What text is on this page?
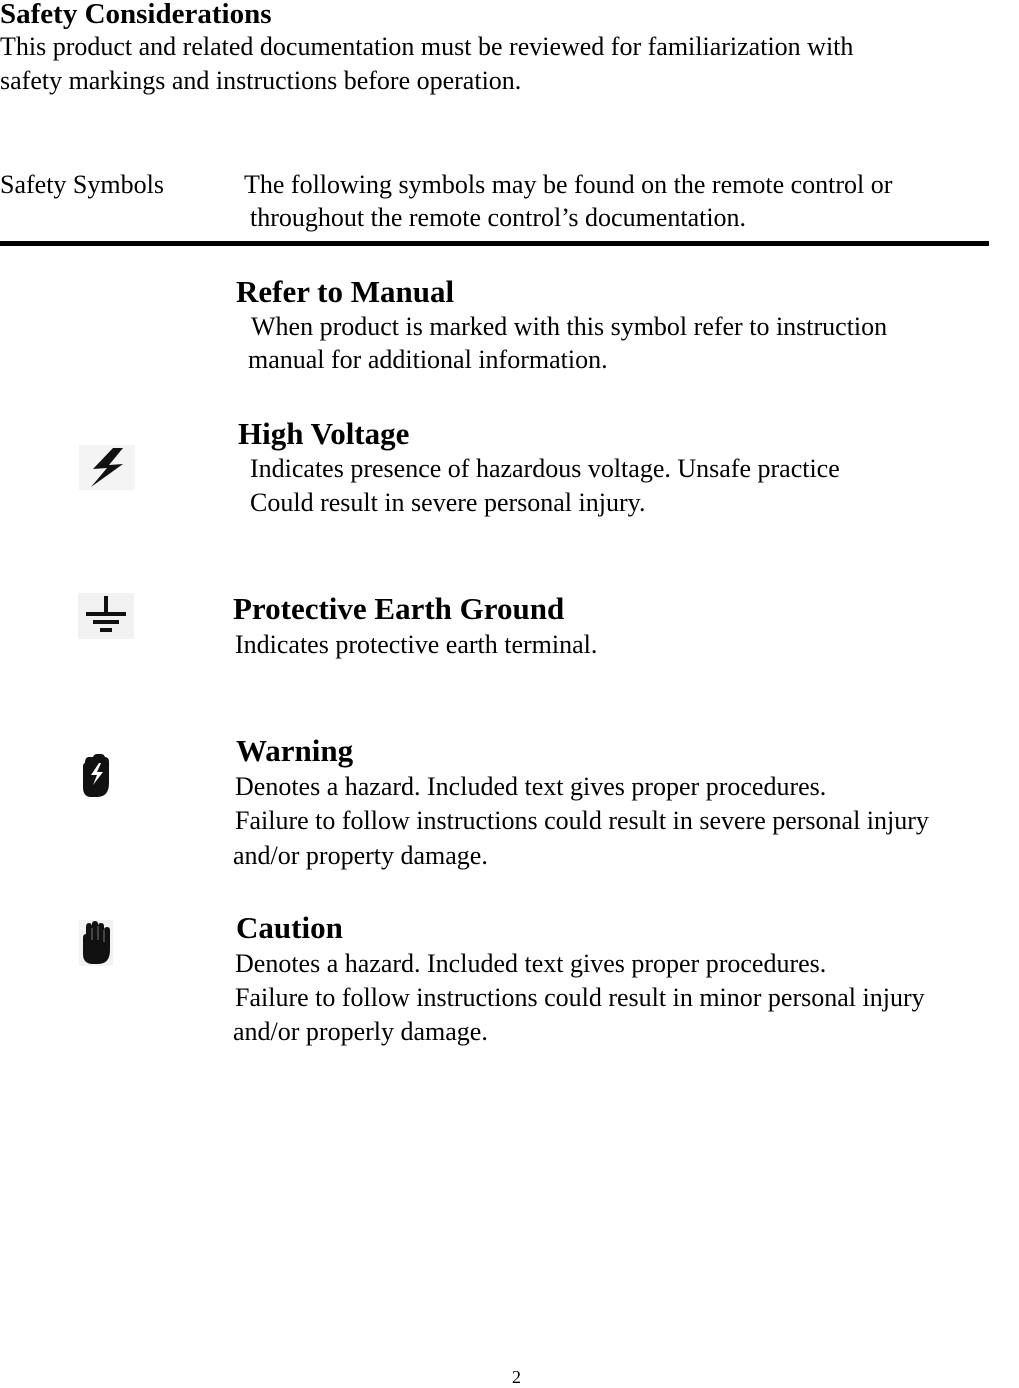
Safety Considerations
This product and related documentation must be reviewed for familiarization with
safety markings and instructions before operation.
Safety Symbols	The following symbols may be found on the remote control or
throughout the remote control’s documentation.
Refer to Manual
When product is marked with this symbol refer to instruction
manual for additional information.
High Voltage
Indicates presence of hazardous voltage. Unsafe practice
Could result in severe personal injury.
Protective Earth Ground
Indicates protective earth terminal.
Warning
Denotes a hazard. Included text gives proper procedures.
Failure to follow instructions could result in severe personal injury
and/or property damage.
Caution
Denotes a hazard. Included text gives proper procedures.
Failure to follow instructions could result in minor personal injury
and/or properly damage.
2
